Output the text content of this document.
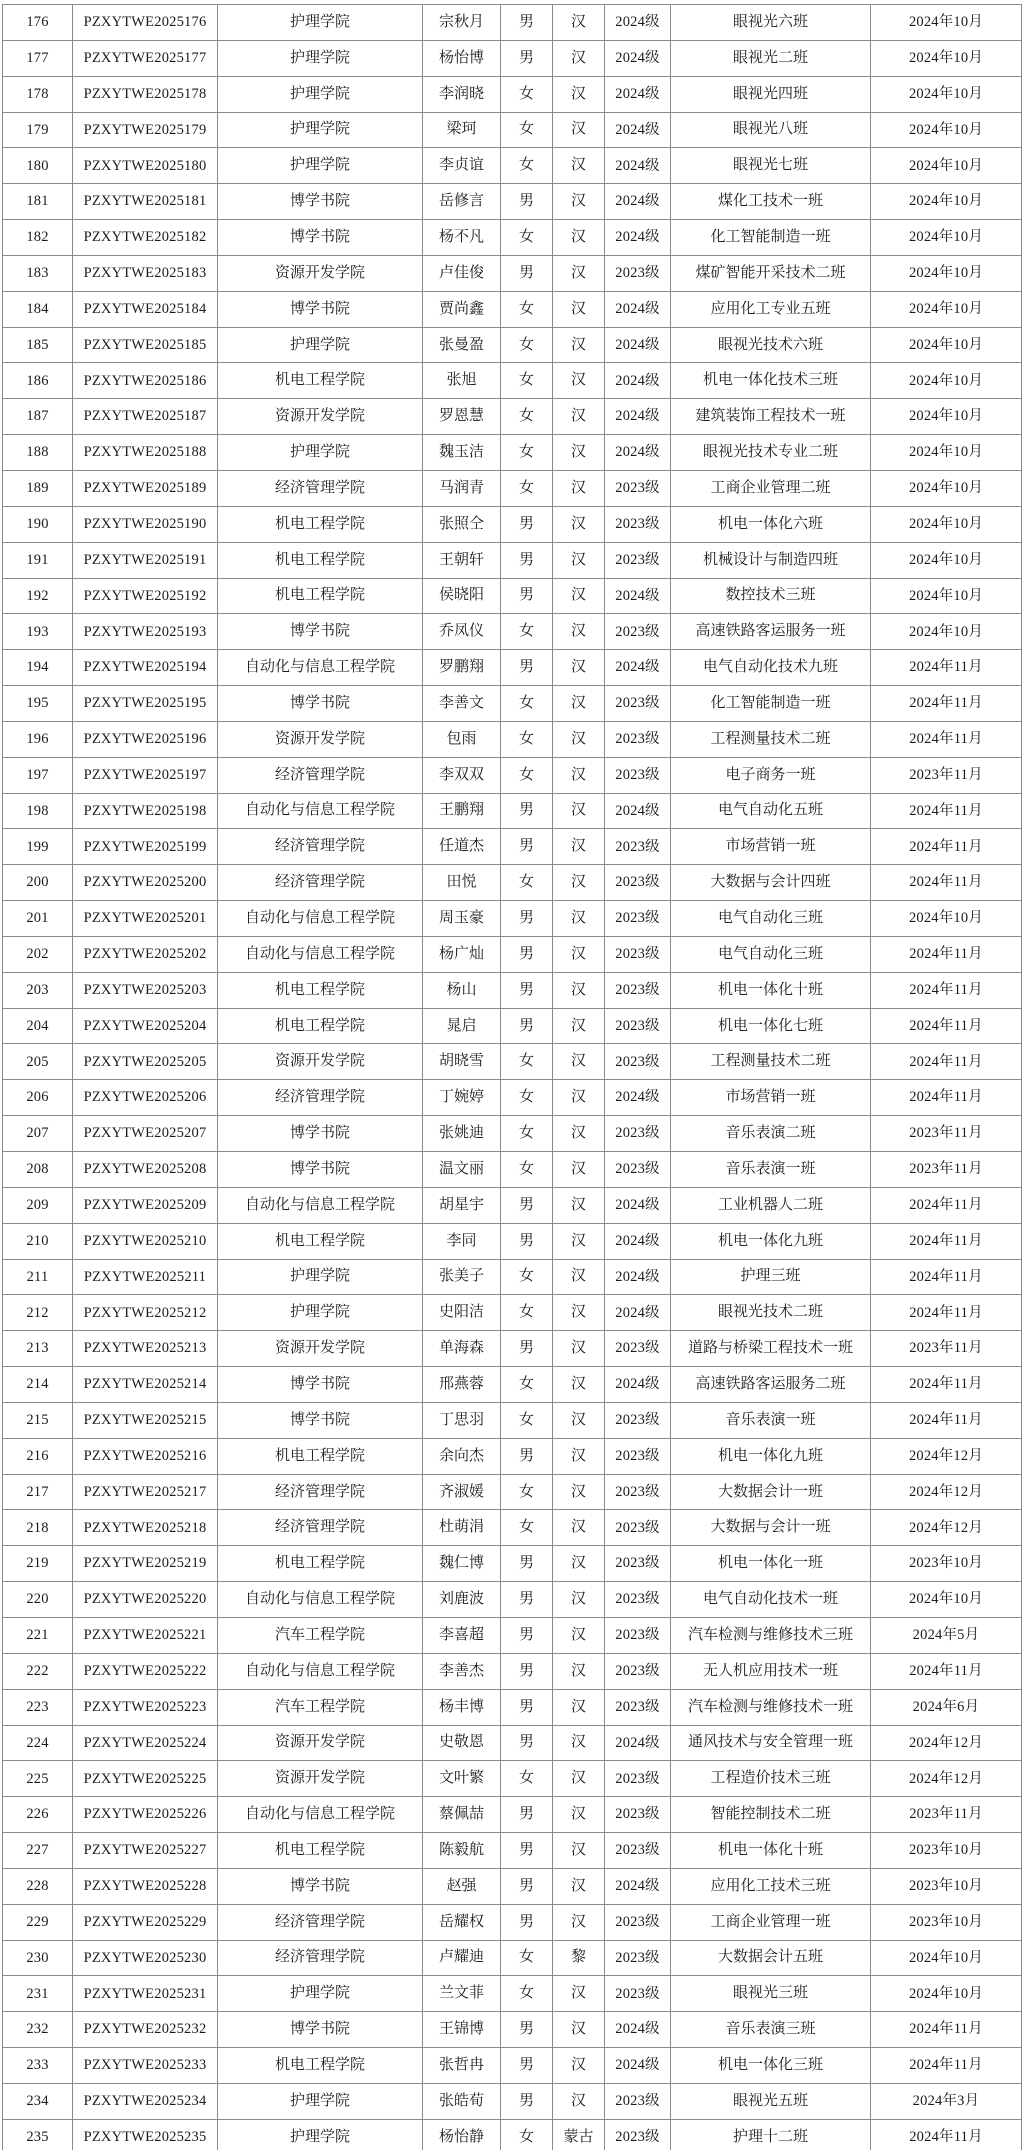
176	PZXYTWE2025176	护理学院	宗秋月	男	汉	2024级	眼视光六班	2024年10月
177	PZXYTWE2025177	护理学院	杨怡博	男	汉	2024级	眼视光二班	2024年10月
178	PZXYTWE2025178	护理学院	李润晓	女	汉	2024级	眼视光四班	2024年10月
179	PZXYTWE2025179	护理学院	梁珂	女	汉	2024级	眼视光八班	2024年10月
180	PZXYTWE2025180	护理学院	李贞谊	女	汉	2024级	眼视光七班	2024年10月
181	PZXYTWE2025181	博学书院	岳修言	男	汉	2024级	煤化工技术一班	2024年10月
182	PZXYTWE2025182	博学书院	杨不凡	女	汉	2024级	化工智能制造一班	2024年10月
183	PZXYTWE2025183	资源开发学院	卢佳俊	男	汉	2023级	煤矿智能开采技术二班	2024年10月
184	PZXYTWE2025184	博学书院	贾尚鑫	女	汉	2024级	应用化工专业五班	2024年10月
185	PZXYTWE2025185	护理学院	张曼盈	女	汉	2024级	眼视光技术六班	2024年10月
186	PZXYTWE2025186	机电工程学院	张旭	女	汉	2024级	机电一体化技术三班	2024年10月
187	PZXYTWE2025187	资源开发学院	罗恩慧	女	汉	2024级	建筑装饰工程技术一班	2024年10月
188	PZXYTWE2025188	护理学院	魏玉洁	女	汉	2024级	眼视光技术专业二班	2024年10月
189	PZXYTWE2025189	经济管理学院	马润青	女	汉	2023级	工商企业管理二班	2024年10月
190	PZXYTWE2025190	机电工程学院	张照仝	男	汉	2023级	机电一体化六班	2024年10月
191	PZXYTWE2025191	机电工程学院	王朝轩	男	汉	2023级	机械设计与制造四班	2024年10月
192	PZXYTWE2025192	机电工程学院	侯晓阳	男	汉	2024级	数控技术三班	2024年10月
193	PZXYTWE2025193	博学书院	乔凤仪	女	汉	2023级	高速铁路客运服务一班	2024年10月
194	PZXYTWE2025194	自动化与信息工程学院	罗鹏翔	男	汉	2024级	电气自动化技术九班	2024年11月
195	PZXYTWE2025195	博学书院	李善文	女	汉	2023级	化工智能制造一班	2024年11月
196	PZXYTWE2025196	资源开发学院	包雨	女	汉	2023级	工程测量技术二班	2024年11月
197	PZXYTWE2025197	经济管理学院	李双双	女	汉	2023级	电子商务一班	2023年11月
198	PZXYTWE2025198	自动化与信息工程学院	王鹏翔	男	汉	2024级	电气自动化五班	2024年11月
199	PZXYTWE2025199	经济管理学院	任道杰	男	汉	2023级	市场营销一班	2024年11月
200	PZXYTWE2025200	经济管理学院	田悦	女	汉	2023级	大数据与会计四班	2024年11月
201	PZXYTWE2025201	自动化与信息工程学院	周玉豪	男	汉	2023级	电气自动化三班	2024年10月
202	PZXYTWE2025202	自动化与信息工程学院	杨广灿	男	汉	2023级	电气自动化三班	2024年11月
203	PZXYTWE2025203	机电工程学院	杨山	男	汉	2023级	机电一体化十班	2024年11月
204	PZXYTWE2025204	机电工程学院	晁启	男	汉	2023级	机电一体化七班	2024年11月
205	PZXYTWE2025205	资源开发学院	胡晓雪	女	汉	2023级	工程测量技术二班	2024年11月
206	PZXYTWE2025206	经济管理学院	丁婉婷	女	汉	2024级	市场营销一班	2024年11月
207	PZXYTWE2025207	博学书院	张姚迪	女	汉	2023级	音乐表演二班	2023年11月
208	PZXYTWE2025208	博学书院	温文丽	女	汉	2023级	音乐表演一班	2023年11月
209	PZXYTWE2025209	自动化与信息工程学院	胡星宇	男	汉	2024级	工业机器人二班	2024年11月
210	PZXYTWE2025210	机电工程学院	李同	男	汉	2024级	机电一体化九班	2024年11月
211	PZXYTWE2025211	护理学院	张美子	女	汉	2024级	护理三班	2024年11月
212	PZXYTWE2025212	护理学院	史阳洁	女	汉	2024级	眼视光技术二班	2024年11月
213	PZXYTWE2025213	资源开发学院	单海森	男	汉	2023级	道路与桥梁工程技术一班	2023年11月
214	PZXYTWE2025214	博学书院	邢燕蓉	女	汉	2024级	高速铁路客运服务二班	2024年11月
215	PZXYTWE2025215	博学书院	丁思羽	女	汉	2023级	音乐表演一班	2024年11月
216	PZXYTWE2025216	机电工程学院	余向杰	男	汉	2023级	机电一体化九班	2024年12月
217	PZXYTWE2025217	经济管理学院	齐淑媛	女	汉	2023级	大数据会计一班	2024年12月
218	PZXYTWE2025218	经济管理学院	杜萌涓	女	汉	2023级	大数据与会计一班	2024年12月
219	PZXYTWE2025219	机电工程学院	魏仁博	男	汉	2023级	机电一体化一班	2023年10月
220	PZXYTWE2025220	自动化与信息工程学院	刘鹿波	男	汉	2023级	电气自动化技术一班	2024年10月
221	PZXYTWE2025221	汽车工程学院	李喜超	男	汉	2023级	汽车检测与维修技术三班	2024年5月
222	PZXYTWE2025222	自动化与信息工程学院	李善杰	男	汉	2023级	无人机应用技术一班	2024年11月
223	PZXYTWE2025223	汽车工程学院	杨丰博	男	汉	2023级	汽车检测与维修技术一班	2024年6月
224	PZXYTWE2025224	资源开发学院	史敬恩	男	汉	2024级	通风技术与安全管理一班	2024年12月
225	PZXYTWE2025225	资源开发学院	文叶繁	女	汉	2023级	工程造价技术三班	2024年12月
226	PZXYTWE2025226	自动化与信息工程学院	蔡佩喆	男	汉	2023级	智能控制技术二班	2023年11月
227	PZXYTWE2025227	机电工程学院	陈毅航	男	汉	2023级	机电一体化十班	2023年10月
228	PZXYTWE2025228	博学书院	赵强	男	汉	2024级	应用化工技术三班	2023年10月
229	PZXYTWE2025229	经济管理学院	岳耀权	男	汉	2023级	工商企业管理一班	2023年10月
230	PZXYTWE2025230	经济管理学院	卢耀迪	女	黎	2023级	大数据会计五班	2024年10月
231	PZXYTWE2025231	护理学院	兰文菲	女	汉	2023级	眼视光三班	2024年10月
232	PZXYTWE2025232	博学书院	王锦博	男	汉	2024级	音乐表演三班	2024年11月
233	PZXYTWE2025233	机电工程学院	张哲冉	男	汉	2024级	机电一体化三班	2024年11月
234	PZXYTWE2025234	护理学院	张皓荀	男	汉	2023级	眼视光五班	2024年3月
235	PZXYTWE2025235	护理学院	杨怡静	女	蒙古	2023级	护理十二班	2024年11月
